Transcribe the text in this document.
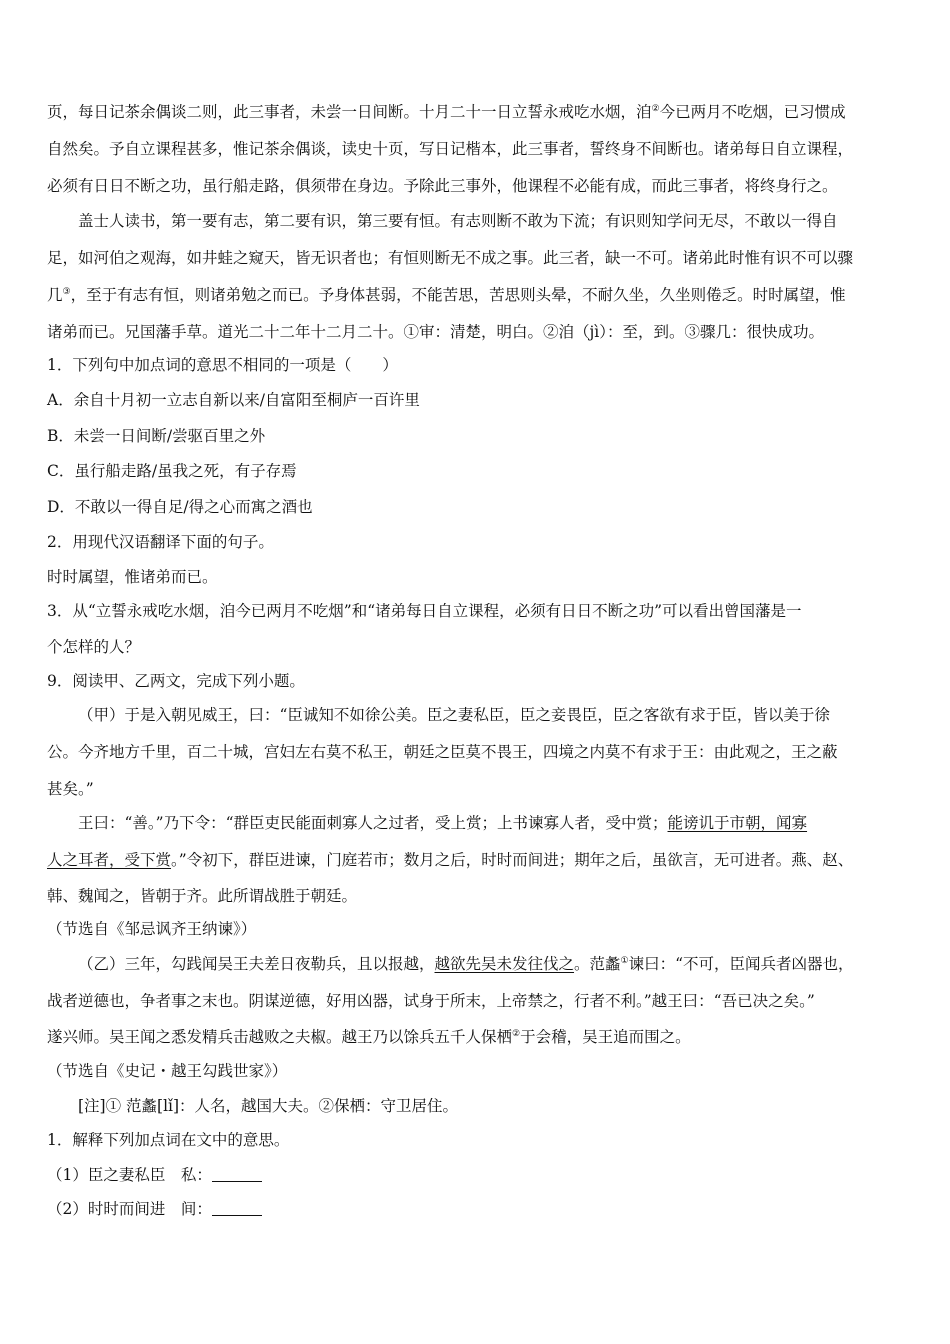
页，每日记茶余偶谈二则，此三事者，未尝一日间断。十月二十一日立誓永戒吃水烟，洎②今已两月不吃烟，已习惯成

自然矣。予自立课程甚多，惟记茶余偶谈，读史十页，写日记楷本，此三事者，誓终身不间断也。诸弟每日自立课程，

必须有日日不断之功，虽行船走路，俱须带在身边。予除此三事外，他课程不必能有成，而此三事者，将终身行之。

盖士人读书，第一要有志，第二要有识，第三要有恒。有志则断不敢为下流；有识则知学问无尽，不敢以一得自

足，如河伯之观海，如井蛙之窥天，皆无识者也；有恒则断无不成之事。此三者，缺一不可。诸弟此时惟有识不可以骤

几③，至于有志有恒，则诸弟勉之而已。予身体甚弱，不能苦思，苦思则头晕，不耐久坐，久坐则倦乏。时时属望，惟

诸弟而已。兄国藩手草。道光二十二年十二月二十。①审：清楚，明白。②洎（jì）：至，到。③骤几：很快成功。

1．下列句中加点词的意思不相同的一项是（　　）

A．余自十月初一立志自新以来/自富阳至桐庐一百许里

B．未尝一日间断/尝驱百里之外

C．虽行船走路/虽我之死，有子存焉

D．不敢以一得自足/得之心而寓之酒也

2．用现代汉语翻译下面的句子。

时时属望，惟诸弟而已。

3．从“立誓永戒吃水烟，洎今已两月不吃烟”和“诸弟每日自立课程，必须有日日不断之功”可以看出曾国藩是一

个怎样的人？

9．阅读甲、乙两文，完成下列小题。

（甲）于是入朝见威王，曰：“臣诚知不如徐公美。臣之妻私臣，臣之妾畏臣，臣之客欲有求于臣，皆以美于徐

公。今齐地方千里，百二十城，宫妇左右莫不私王，朝廷之臣莫不畏王，四境之内莫不有求于王：由此观之，王之蔽

甚矣。”

王曰：“善。”乃下令：“群臣吏民能面刺寡人之过者，受上赏；上书谏寡人者，受中赏；能谤讥于市朝，闻寡

人之耳者，受下赏。”令初下，群臣进谏，门庭若市；数月之后，时时而间进；期年之后，虽欲言，无可进者。燕、赵、

韩、魏闻之，皆朝于齐。此所谓战胜于朝廷。

（节选自《邹忌讽齐王纳谏》）

（乙）三年，勾践闻吴王夫差日夜勒兵，且以报越，越欲先吴未发往伐之。范蠡①谏曰：“不可，臣闻兵者凶器也，

战者逆德也，争者事之末也。阴谋逆德，好用凶器，试身于所末，上帝禁之，行者不利。”越王曰：“吾已决之矣。”

遂兴师。吴王闻之悉发精兵击越败之夫椒。越王乃以馀兵五千人保栖②于会稽，吴王追而围之。

（节选自《史记・越王勾践世家》）

[注]① 范蠡[lǐ]：人名，越国大夫。②保栖：守卫居住。

1．解释下列加点词在文中的意思。

（1）臣之妻私臣　私：

（2）时时而间进　间：
